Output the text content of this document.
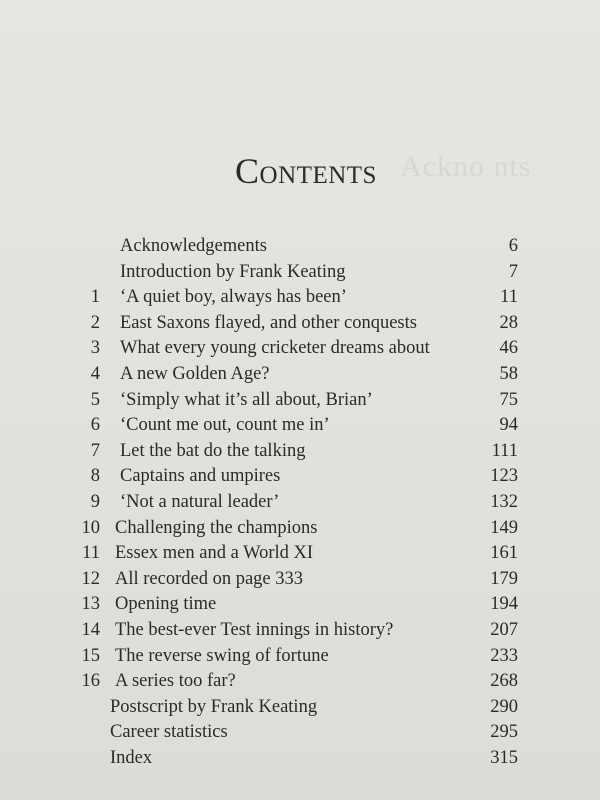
Ackno nts
Contents
Acknowledgements	6
Introduction by Frank Keating	7
1 ‘A quiet boy, always has been’	11
2 East Saxons flayed, and other conquests	28
3 What every young cricketer dreams about	46
4 A new Golden Age?	58
5 ‘Simply what it’s all about, Brian’	75
6 ‘Count me out, count me in’	94
7 Let the bat do the talking	111
8 Captains and umpires	123
9 ‘Not a natural leader’	132
10 Challenging the champions	149
11 Essex men and a World XI	161
12 All recorded on page 333	179
13 Opening time	194
14 The best-ever Test innings in history?	207
15 The reverse swing of fortune	233
16 A series too far?	268
Postscript by Frank Keating	290
Career statistics	295
Index	315
